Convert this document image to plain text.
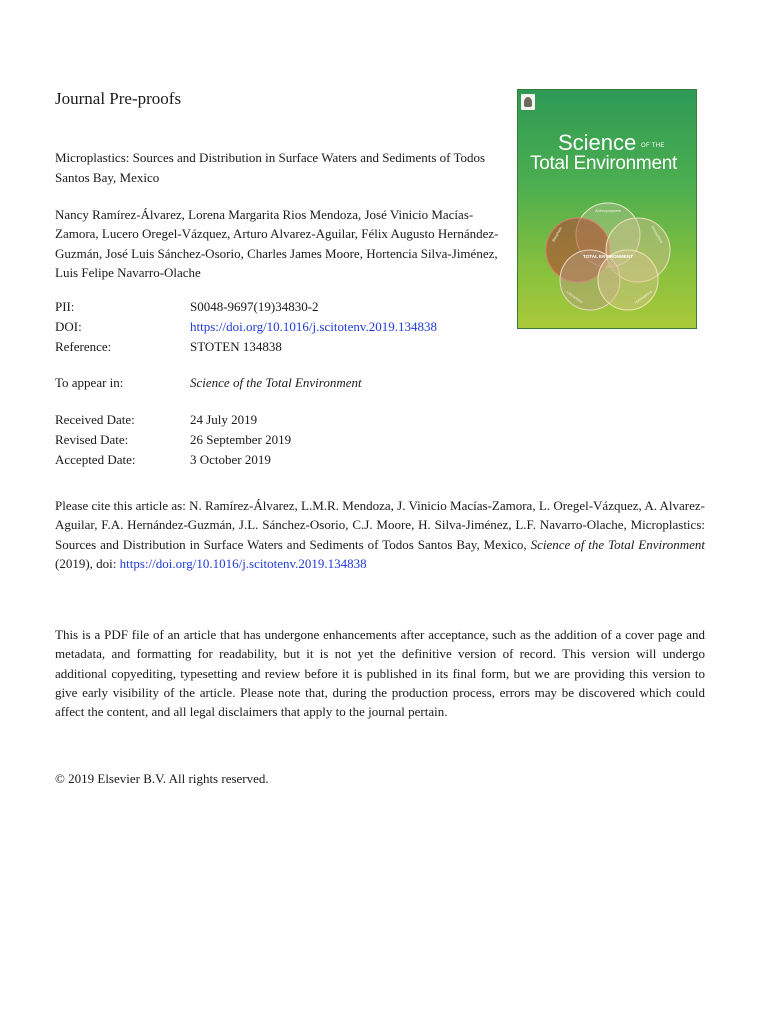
Journal Pre-proofs
Microplastics: Sources and Distribution in Surface Waters and Sediments of Todos Santos Bay, Mexico
Nancy Ramírez-Álvarez, Lorena Margarita Rios Mendoza, José Vinicio Macías-Zamora, Lucero Oregel-Vázquez, Arturo Alvarez-Aguilar, Félix Augusto Hernández-Guzmán, José Luis Sánchez-Osorio, Charles James Moore, Hortencia Silva-Jiménez, Luis Felipe Navarro-Olache
PII:	S0048-9697(19)34830-2
DOI:	https://doi.org/10.1016/j.scitotenv.2019.134838
Reference:	STOTEN 134838
To appear in:	Science of the Total Environment
Received Date:	24 July 2019
Revised Date:	26 September 2019
Accepted Date:	3 October 2019
Please cite this article as: N. Ramírez-Álvarez, L.M.R. Mendoza, J. Vinicio Macías-Zamora, L. Oregel-Vázquez, A. Alvarez-Aguilar, F.A. Hernández-Guzmán, J.L. Sánchez-Osorio, C.J. Moore, H. Silva-Jiménez, L.F. Navarro-Olache, Microplastics: Sources and Distribution in Surface Waters and Sediments of Todos Santos Bay, Mexico, Science of the Total Environment (2019), doi: https://doi.org/10.1016/j.scitotenv.2019.134838
This is a PDF file of an article that has undergone enhancements after acceptance, such as the addition of a cover page and metadata, and formatting for readability, but it is not yet the definitive version of record. This version will undergo additional copyediting, typesetting and review before it is published in its final form, but we are providing this version to give early visibility of the article. Please note that, during the production process, errors may be discovered which could affect the content, and all legal disclaimers that apply to the journal pertain.
© 2019 Elsevier B.V. All rights reserved.
Science OF THE
Total Environment
TOTAL ENVIRONMENT
Anthroposphere
Atmosphere
Hydrosphere
Lithosphere
Biosphere
